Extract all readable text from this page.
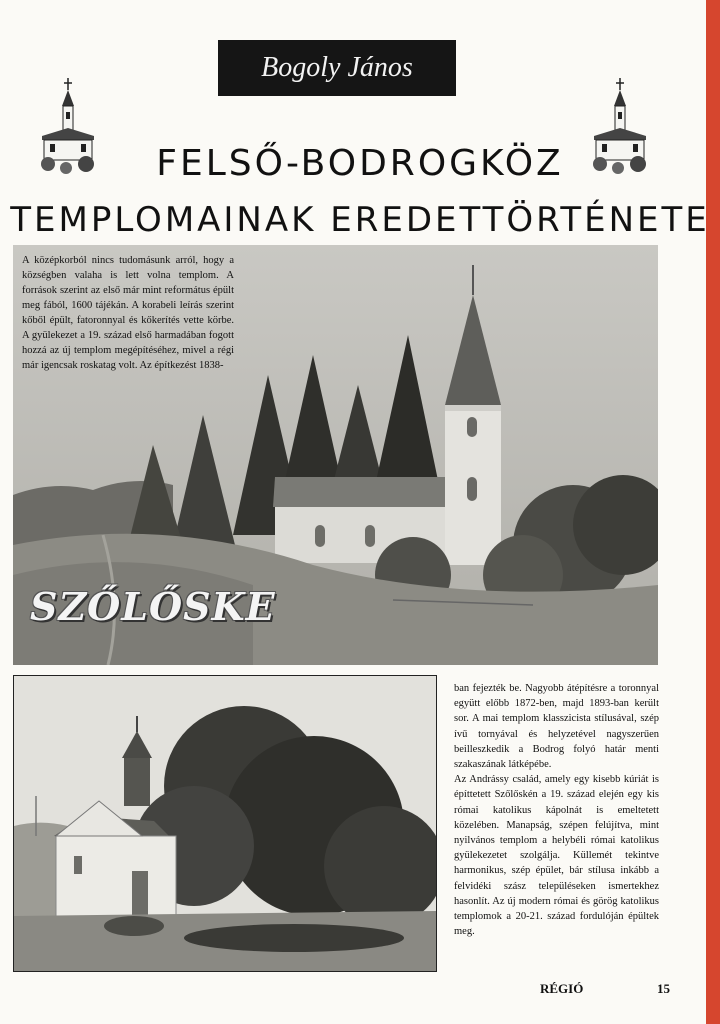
Bogoly János
FELSŐ-BODROGKÖZ
TEMPLOMAINAK EREDETTÖRTÉNETE
A középkorból nincs tudomásunk arról, hogy a községben valaha is lett volna templom. A források szerint az első már mint református épült meg fából, 1600 tájékán. A korabeli leírás szerint kőből épült, fatoronnyal és kőkerítés vette körbe. A gyülekezet a 19. század első harmadában fogott hozzá az új templom megépítéséhez, mivel a régi már igencsak roskatag volt. Az építkezést 1838-
SZŐLŐSKE

ban fejezték be. Nagyobb átépítésre a toronnyal együtt előbb 1872-ben, majd 1893-ban került sor. A mai templom klasszicista stílusával, szép ívű tornyával és helyzetével nagyszerűen beilleszkedik a Bodrog folyó határ menti szakaszának látképébe.

Az Andrássy család, amely egy kisebb kúriát is építtetett Szőlőskén a 19. század elején egy kis római katolikus kápolnát is emeltetett közelében. Manapság, szépen felújítva, mint nyilvános templom a helybéli római katolikus gyülekezetet szolgálja. Küllemét tekintve harmonikus, szép épület, bár stílusa inkább a felvidéki szász településeken ismertekhez hasonlít. Az új modern római és görög katolikus templomok a 20-21. század fordulóján épültek meg.

RÉGIÓ	15
